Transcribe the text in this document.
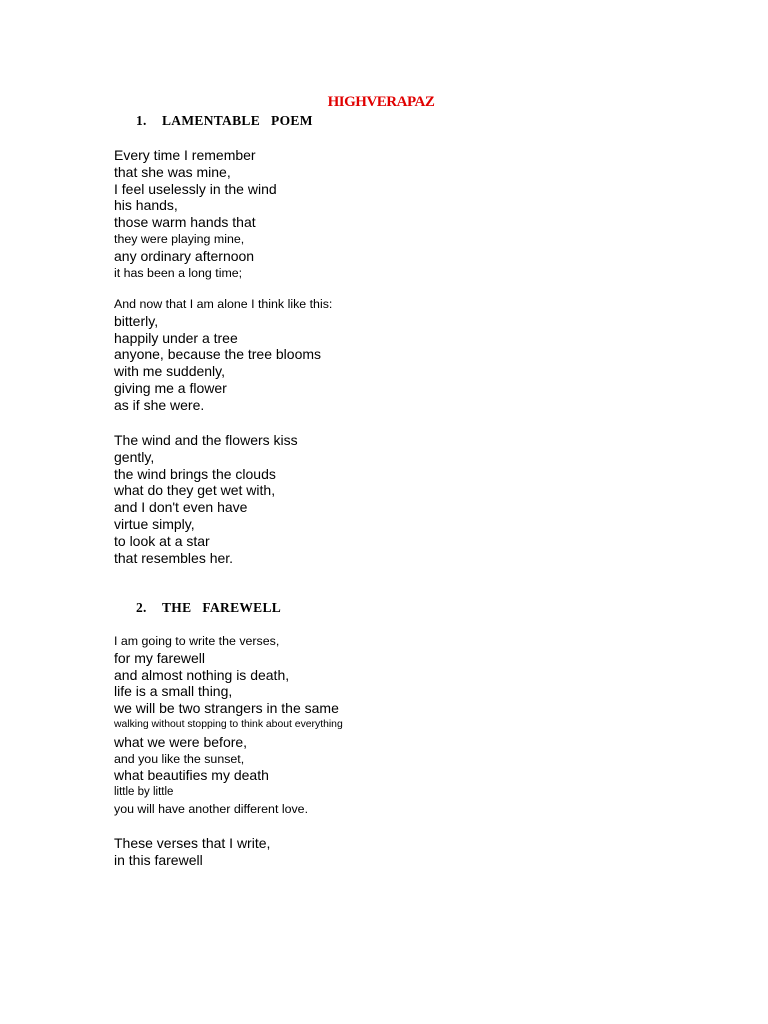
HIGHVERAPAZ
1. LAMENTABLE   POEM
Every time I remember
that she was mine,
I feel uselessly in the wind
his hands,
those warm hands that
they were playing mine,
any ordinary afternoon
it has been a long time;
And now that I am alone I think like this:
bitterly,
happily under a tree
anyone, because the tree blooms
with me suddenly,
giving me a flower
as if she were.
The wind and the flowers kiss
gently,
the wind brings the clouds
what do they get wet with,
and I don't even have
virtue simply,
to look at a star
that resembles her.
2. THE   FAREWELL
I am going to write the verses,
for my farewell
and almost nothing is death,
life is a small thing,
we will be two strangers in the same
walking without stopping to think about everything
what we were before,
and you like the sunset,
what beautifies my death
little by little
you will have another different love.
These verses that I write,
in this farewell
